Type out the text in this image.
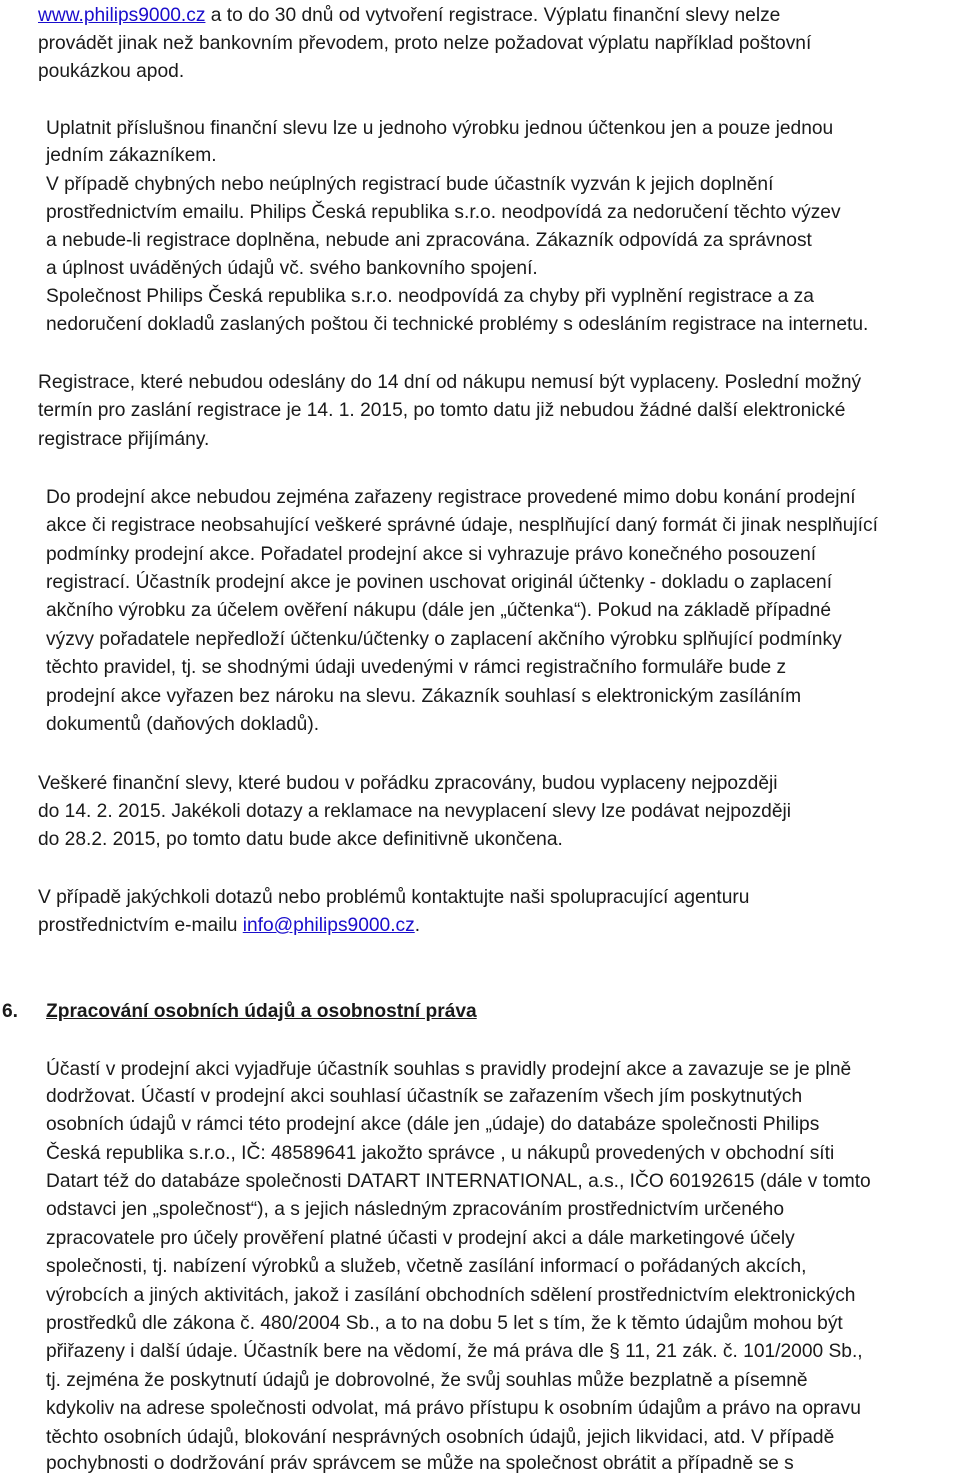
www.philips9000.cz a to do 30 dnů od vytvoření registrace. Výplatu finanční slevy nelze
provádět jinak než bankovním převodem, proto nelze požadovat výplatu například poštovní
poukázkou apod.
Uplatnit příslušnou finanční slevu lze u jednoho výrobku jednou účtenkou jen a pouze jednou
jedním zákazníkem.
V případě chybných nebo neúplných registrací bude účastník vyzván k jejich doplnění
prostřednictvím emailu. Philips Česká republika s.r.o. neodpovídá za nedoručení těchto výzev
a nebude-li registrace doplněna, nebude ani zpracována. Zákazník odpovídá za správnost
a úplnost uváděných údajů vč. svého bankovního spojení.
Společnost Philips Česká republika s.r.o. neodpovídá za chyby při vyplnění registrace a za
nedoručení dokladů zaslaných poštou či technické problémy s odesláním registrace na internetu.
Registrace, které nebudou odeslány do 14 dní od nákupu nemusí být vyplaceny. Poslední možný
termín pro zaslání registrace je 14. 1. 2015, po tomto datu již nebudou žádné další elektronické
registrace přijímány.
Do prodejní akce nebudou zejména zařazeny registrace provedené mimo dobu konání prodejní
akce či registrace neobsahující veškeré správné údaje, nesplňující daný formát či jinak nesplňující
podmínky prodejní akce. Pořadatel prodejní akce si vyhrazuje právo konečného posouzení
registrací. Účastník prodejní akce je povinen uschovat originál účtenky - dokladu o zaplacení
akčního výrobku za účelem ověření nákupu (dále jen „účtenka“). Pokud na základě případné
výzvy pořadatele nepředloží účtenku/účtenky o zaplacení akčního výrobku splňující podmínky
těchto pravidel, tj. se shodnými údaji uvedenými v rámci registračního formuláře bude z
prodejní akce vyřazen bez nároku na slevu. Zákazník souhlasí s elektronickým zasíláním
dokumentů (daňových dokladů).
Veškeré finanční slevy, které budou v pořádku zpracovány, budou vyplaceny nejpozději
do 14. 2. 2015. Jakékoli dotazy a reklamace na nevyplacení slevy lze podávat nejpozději
do 28.2. 2015, po tomto datu bude akce definitivně ukončena.
V případě jakýchkoli dotazů nebo problémů kontaktujte naši spolupracující agenturu
prostřednictvím e-mailu info@philips9000.cz.
6. Zpracování osobních údajů a osobnostní práva
Účastí v prodejní akci vyjadřuje účastník souhlas s pravidly prodejní akce a zavazuje se je plně
dodržovat. Účastí v prodejní akci souhlasí účastník se zařazením všech jím poskytnutých
osobních údajů v rámci této prodejní akce (dále jen „údaje) do databáze společnosti Philips
Česká republika s.r.o., IČ: 48589641 jakožto správce , u nákupů provedených v obchodní síti
Datart též do databáze společnosti DATART INTERNATIONAL, a.s., IČO 60192615 (dále v tomto
odstavci jen „společnost“), a s jejich následným zpracováním prostřednictvím určeného
zpracovatele pro účely prověření platné účasti v prodejní akci a dále marketingové účely
společnosti, tj. nabízení výrobků a služeb, včetně zasílání informací o pořádaných akcích,
výrobcích a jiných aktivitách, jakož i zasílání obchodních sdělení prostřednictvím elektronických
prostředků dle zákona č. 480/2004 Sb., a to na dobu 5 let s tím, že k těmto údajům mohou být
přiřazeny i další údaje. Účastník bere na vědomí, že má práva dle § 11, 21 zák. č. 101/2000 Sb.,
tj. zejména že poskytnutí údajů je dobrovolné, že svůj souhlas může bezplatně a písemně
kdykoliv na adrese společnosti odvolat, má právo přístupu k osobním údajům a právo na opravu
těchto osobních údajů, blokování nesprávných osobních údajů, jejich likvidaci, atd. V případě
pochybnosti o dodržování práv správcem se může na společnost obrátit a případně se s
